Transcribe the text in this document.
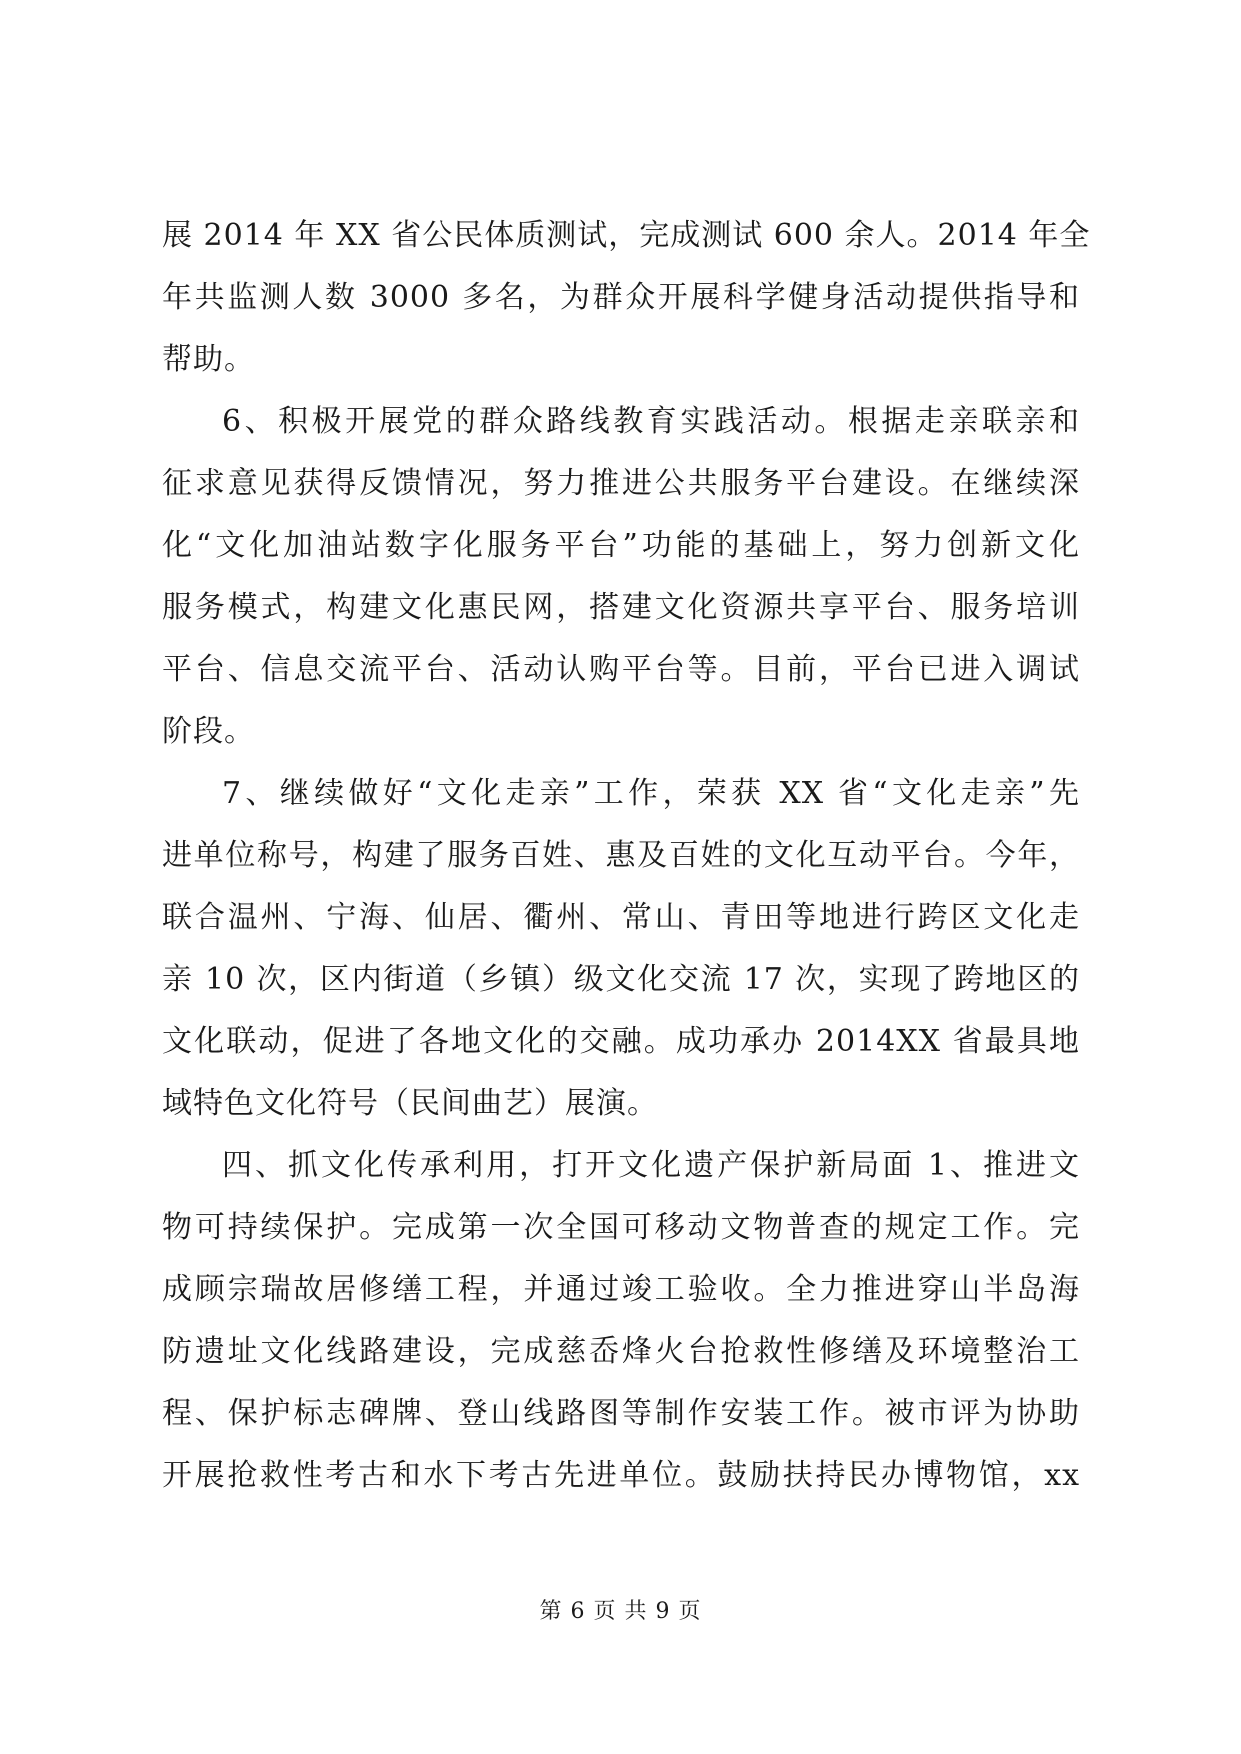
展 2014 年 XX 省公民体质测试，完成测试 600 余人。2014 年全
年共监测人数 3000 多名，为群众开展科学健身活动提供指导和
帮助。
6、积极开展党的群众路线教育实践活动。根据走亲联亲和
征求意见获得反馈情况，努力推进公共服务平台建设。在继续深
化“文化加油站数字化服务平台”功能的基础上，努力创新文化
服务模式，构建文化惠民网，搭建文化资源共享平台、服务培训
平台、信息交流平台、活动认购平台等。目前，平台已进入调试
阶段。
7、继续做好“文化走亲”工作，荣获 XX 省“文化走亲”先
进单位称号，构建了服务百姓、惠及百姓的文化互动平台。今年，
联合温州、宁海、仙居、衢州、常山、青田等地进行跨区文化走
亲 10 次，区内街道（乡镇）级文化交流 17 次，实现了跨地区的
文化联动，促进了各地文化的交融。成功承办 2014XX 省最具地
域特色文化符号（民间曲艺）展演。
四、抓文化传承利用，打开文化遗产保护新局面 1、推进文
物可持续保护。完成第一次全国可移动文物普查的规定工作。完
成顾宗瑞故居修缮工程，并通过竣工验收。全力推进穿山半岛海
防遗址文化线路建设，完成慈岙烽火台抢救性修缮及环境整治工
程、保护标志碑牌、登山线路图等制作安装工作。被市评为协助
开展抢救性考古和水下考古先进单位。鼓励扶持民办博物馆，xx
第 6 页 共 9 页
